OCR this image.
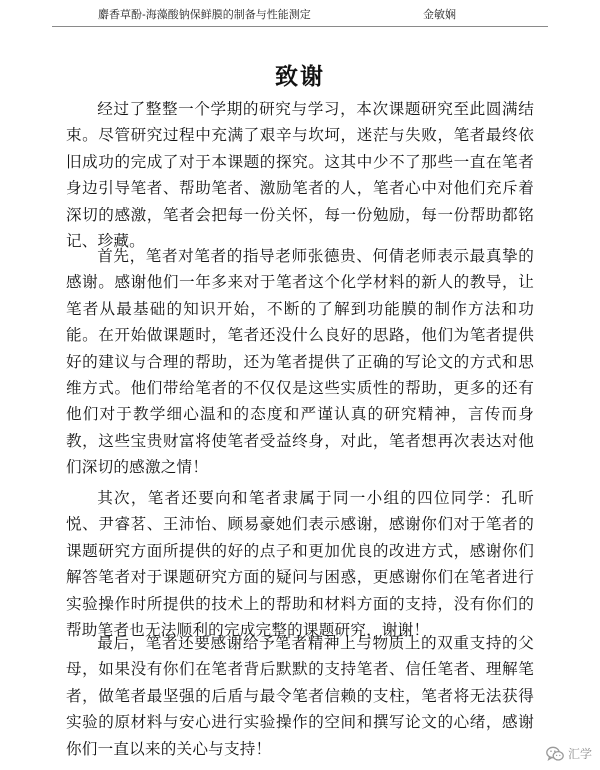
麝香草酚-海藻酸钠保鲜膜的制备与性能测定	金敏娴
致谢

经过了整整一个学期的研究与学习，本次课题研究至此圆满结束。尽管研究过程中充满了艰辛与坎坷，迷茫与失败，笔者最终依旧成功的完成了对于本课题的探究。这其中少不了那些一直在笔者身边引导笔者、帮助笔者、激励笔者的人，笔者心中对他们充斥着深切的感激，笔者会把每一份关怀，每一份勉励，每一份帮助都铭记、珍藏。

首先，笔者对笔者的指导老师张德贵、何倩老师表示最真挚的感谢。感谢他们一年多来对于笔者这个化学材料的新人的教导，让笔者从最基础的知识开始，不断的了解到功能膜的制作方法和功能。在开始做课题时，笔者还没什么良好的思路，他们为笔者提供好的建议与合理的帮助，还为笔者提供了正确的写论文的方式和思维方式。他们带给笔者的不仅仅是这些实质性的帮助，更多的还有他们对于教学细心温和的态度和严谨认真的研究精神，言传而身教，这些宝贵财富将使笔者受益终身，对此，笔者想再次表达对他们深切的感激之情！

其次，笔者还要向和笔者隶属于同一小组的四位同学：孔昕悦、尹睿茗、王沛怡、顾易豪她们表示感谢，感谢你们对于笔者的课题研究方面所提供的好的点子和更加优良的改进方式，感谢你们解答笔者对于课题研究方面的疑问与困惑，更感谢你们在笔者进行实验操作时所提供的技术上的帮助和材料方面的支持，没有你们的帮助笔者也无法顺利的完成完整的课题研究，谢谢！

最后，笔者还要感谢给予笔者精神上与物质上的双重支持的父母，如果没有你们在笔者背后默默的支持笔者、信任笔者、理解笔者，做笔者最坚强的后盾与最令笔者信赖的支柱，笔者将无法获得实验的原材料与安心进行实验操作的空间和撰写论文的心绪，感谢你们一直以来的关心与支持！	汇学
